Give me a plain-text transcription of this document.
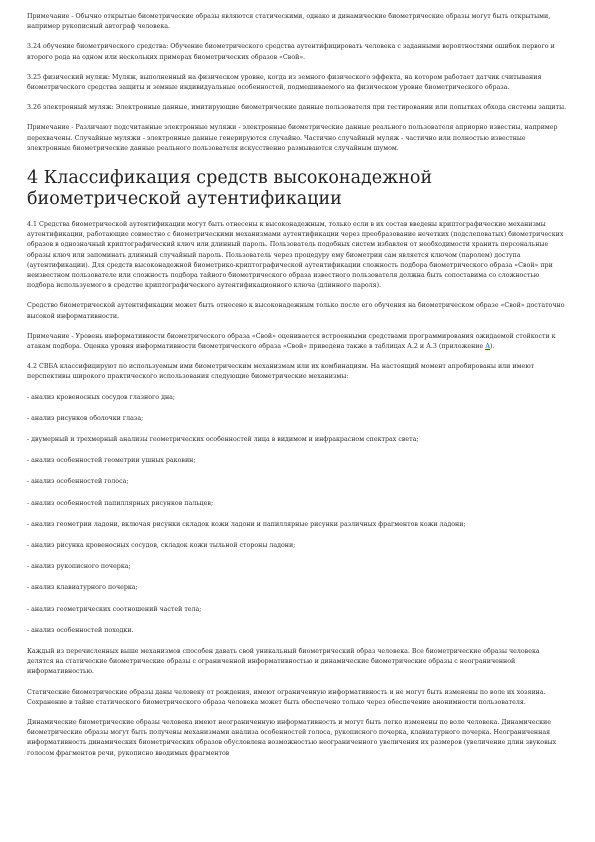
Примечание - Обычно открытые биометрические образы являются статическими, однако и динамические биометрические образы могут быть открытыми, например рукописный автограф человека.

3.24 обучение биометрического средства: Обучение биометрического средства аутентифицировать человека с заданными вероятностями ошибок первого и второго рода на одном или нескольких примерах биометрических образов «Свой».

3.25 физический муляж: Муляж, выполненный на физическом уровне, когда из земного физического эффекта, на котором работает датчик считывания биометрического средства защиты и земные индивидуальные особенностей, подмешиваемого на физическом уровне биометрического образа.

3.26 электронный муляж: Электронные данные, имитирующие биометрические данные пользователя при тестировании или попытках обхода системы защиты.

Примечание - Различают подсчитанные электронные муляжи - электронные биометрические данные реального пользователя априорно известны, например перехвачены. Случайные муляжи - электронные данные генерируются случайно. Частично случайный муляж - частично или полностью известные электронные биометрические данные реального пользователя искусственно размываются случайным шумом.

4 Классификация средств высоконадежной биометрической аутентификации

4.1 Средства биометрической аутентификации могут быть отнесены к высоконадежным, только если в их состав введены криптографические механизмы аутентификации, работающие совместно с биометрическими механизмами аутентификации через преобразование нечетких (подслеповатых) биометрических образов в однозначный криптографический ключ или длинный пароль. Пользователь подобных систем избавлен от необходимости хранить персональные образы ключ или запоминать длинный случайный пароль. Пользователь через процедуру ему биометрии сам является ключом (паролем) доступа (аутентификации). Для средств высоконадежной биометрико-криптографической аутентификации сложность подбора биометрического образа «Свой» при неизвестном пользователе или сложность подбора тайного биометрического образа известного пользователя должна быть сопоставима со сложностью подбора используемого в средстве криптографического аутентификационного ключа (длинного пароля).

Средство биометрической аутентификации может быть отнесено к высоконадежным только после его обучения на биометрическом образе «Свой» достаточно высокой информативности.

Примечание - Уровень информативности биометрического образа «Свой» оценивается встроенными средствами программирования ожидаемой стойкости к атакам подбора. Оценка уровня информативности биометрического образа «Свой» приведена также в таблицах А.2 и А.3 (приложение А).

4.2 СВБА классифицируют по используемым ими биометрическим механизмам или их комбинациям. На настоящий момент апробированы или имеют перспективы широкого практического использования следующие биометрические механизмы:

- анализ кровеносных сосудов глазного дна;
- анализ рисунков оболочки глаза;
- двумерный и трехмерный анализы геометрических особенностей лица в видимом и инфракрасном спектрах света;
- анализ особенностей геометрии ушных раковин;
- анализ особенностей голоса;
- анализ особенностей папиллярных рисунков пальцев;
- анализ геометрии ладони, включая рисунки складок кожи ладони и папиллярные рисунки различных фрагментов кожи ладони;
- анализ рисунка кровеносных сосудов, складок кожи тыльной стороны ладони;
- анализ рукописного почерка;
- анализ клавиатурного почерка;
- анализ геометрических соотношений частей тела;
- анализ особенностей походки.

Каждый из перечисленных выше механизмов способен давать свой уникальный биометрический образ человека. Все биометрические образы человека делятся на статические биометрические образы с ограниченной информативностью и динамические биометрические образы с неограниченной информативностью.

Статические биометрические образы даны человеку от рождения, имеют ограниченную информативность и не могут быть изменены по воле их хозяина. Сохранение в тайне статического биометрического образа человека может быть обеспечено только через обеспечение анонимности пользователя.

Динамические биометрические образы человека имеют неограниченную информативность и могут быть легко изменены по воле человека. Динамические биометрические образы могут быть получены механизмами анализа особенностей голоса, рукописного почерка, клавиатурного почерка. Неограниченная информативность динамических биометрических образов обусловлена возможностью неограниченного увеличения их размеров (увеличение длин звуковых голосом фрагментов речи, рукописно вводимых фрагментов
